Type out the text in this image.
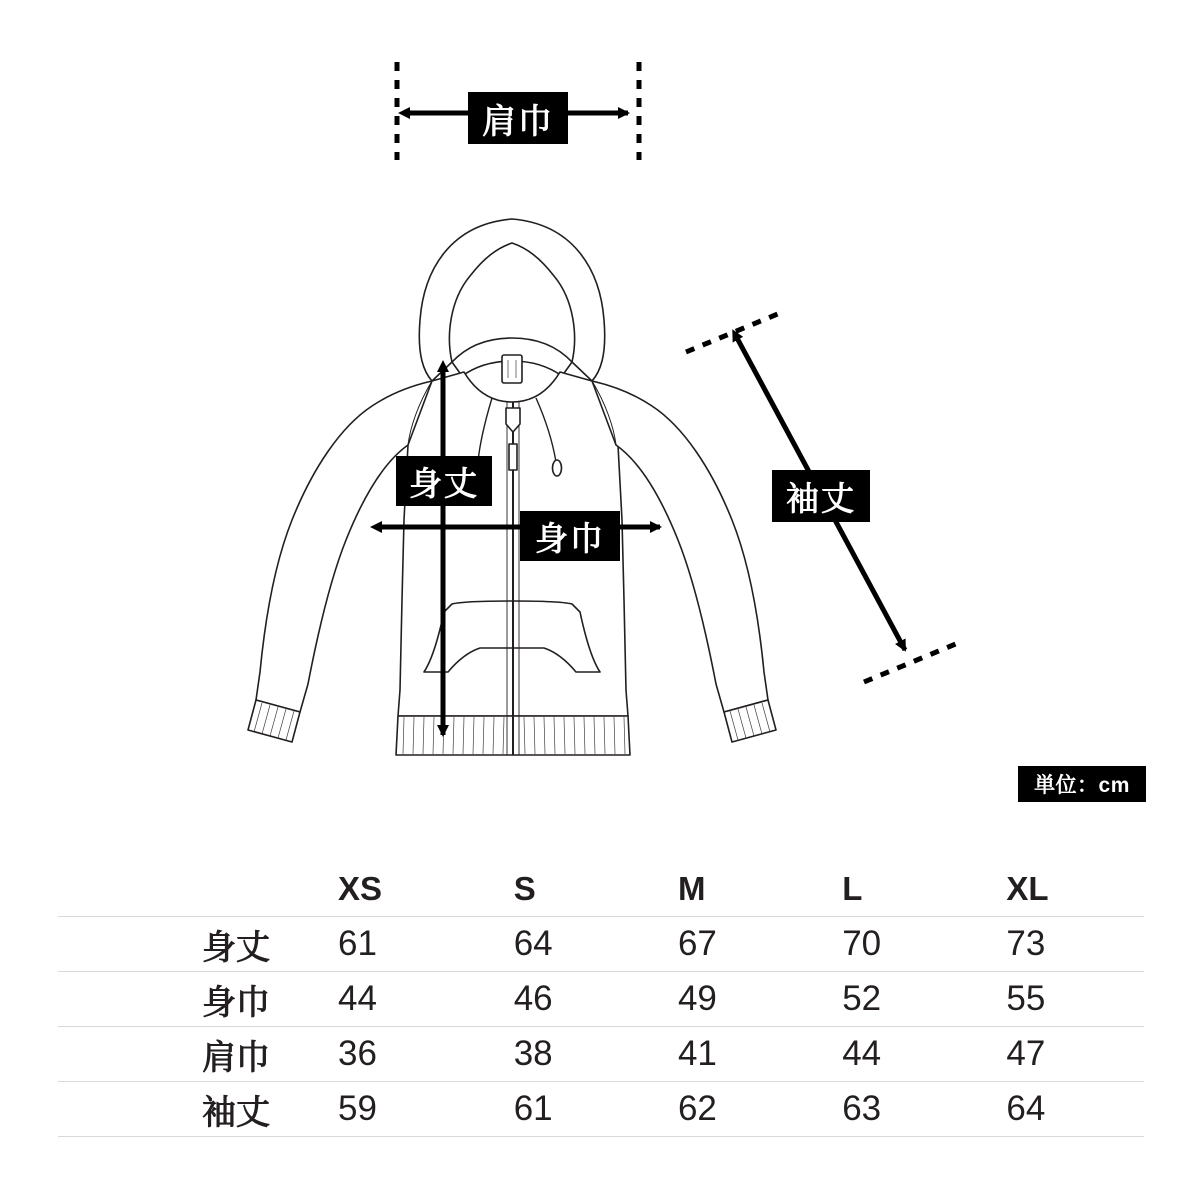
肩巾
身丈
身巾
袖丈
単位：cm
	XS	S	M	L	XL
身丈	61	64	67	70	73
身巾	44	46	49	52	55
肩巾	36	38	41	44	47
袖丈	59	61	62	63	64
